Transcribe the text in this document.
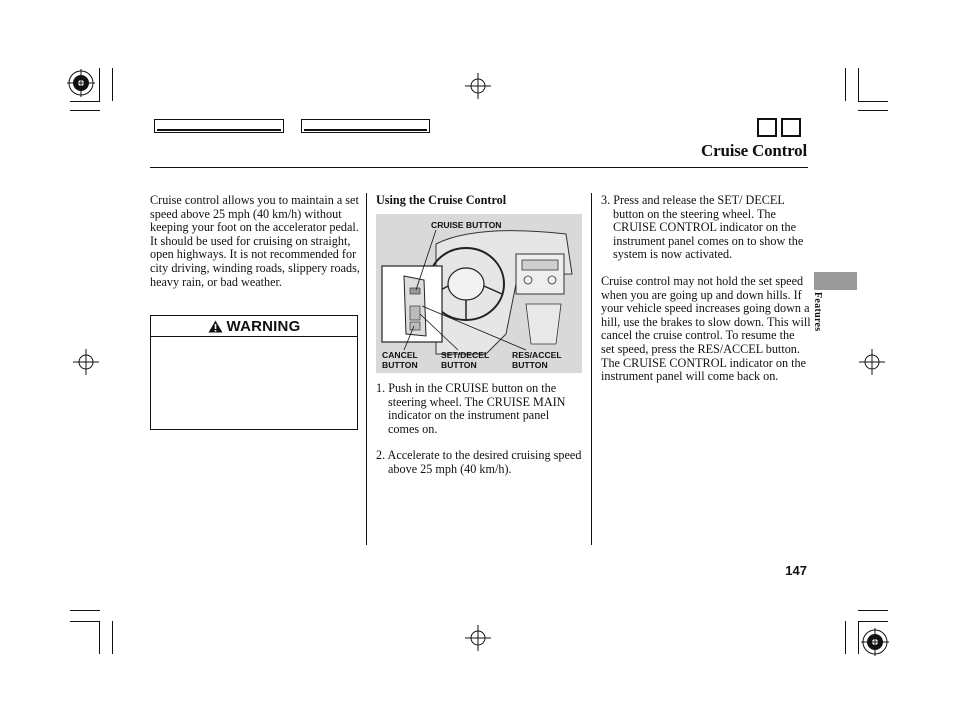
Cruise Control

Cruise control allows you to maintain a set speed above 25 mph (40 km/h) without keeping your foot on the accelerator pedal. It should be used for cruising on straight, open highways. It is not recommended for city driving, winding roads, slippery roads, heavy rain, or bad weather.

WARNING
Using the Cruise Control
CRUISE BUTTON
CANCEL
BUTTON
SET/DECEL
BUTTON
RES/ACCEL
BUTTON

1. Push in the CRUISE button on the steering wheel. The CRUISE MAIN indicator on the instrument panel comes on.

2. Accelerate to the desired cruising speed above 25 mph (40 km/h).

3. Press and release the SET/ DECEL button on the steering wheel. The CRUISE CONTROL indicator on the instrument panel comes on to show the system is now activated.

Cruise control may not hold the set speed when you are going up and down hills. If your vehicle speed increases going down a hill, use the brakes to slow down. This will cancel the cruise control. To resume the set speed, press the RES/ACCEL button. The CRUISE CONTROL indicator on the instrument panel will come back on.

Features
147
